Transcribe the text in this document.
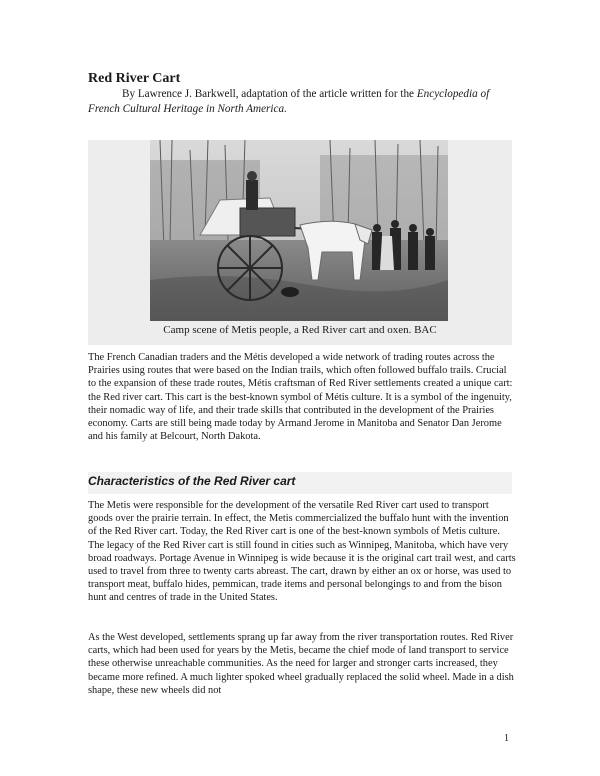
Red River Cart

By Lawrence J. Barkwell, adaptation of the article written for the Encyclopedia of French Cultural Heritage in North America.

Camp scene of Metis people, a Red River cart and oxen. BAC

The French Canadian traders and the Métis developed a wide network of trading routes across the Prairies using routes that were based on the Indian trails, which often followed buffalo trails. Crucial to the expansion of these trade routes, Métis craftsman of Red River settlements created a unique cart: the Red river cart. This cart is the best-known symbol of Métis culture. It is a symbol of the ingenuity, their nomadic way of life, and their trade skills that contributed in the development of the Prairies economy. Carts are still being made today by Armand Jerome in Manitoba and Senator Dan Jerome and his family at Belcourt, North Dakota.

Characteristics of the Red River cart

The Metis were responsible for the development of the versatile Red River cart used to transport goods over the prairie terrain. In effect, the Metis commercialized the buffalo hunt with the invention of the Red River cart. Today, the Red River cart is one of the best-known symbols of Metis culture. The legacy of the Red River cart is still found in cities such as Winnipeg, Manitoba, which have very broad roadways. Portage Avenue in Winnipeg is wide because it is the original cart trail west, and carts used to travel from three to twenty carts abreast. The cart, drawn by either an ox or horse, was used to transport meat, buffalo hides, pemmican, trade items and personal belongings to and from the bison hunt and centres of trade in the United States.

As the West developed, settlements sprang up far away from the river transportation routes. Red River carts, which had been used for years by the Metis, became the chief mode of land transport to service these otherwise unreachable communities. As the need for larger and stronger carts increased, they became more refined. A much lighter spoked wheel gradually replaced the solid wheel. Made in a dish shape, these new wheels did not

1
